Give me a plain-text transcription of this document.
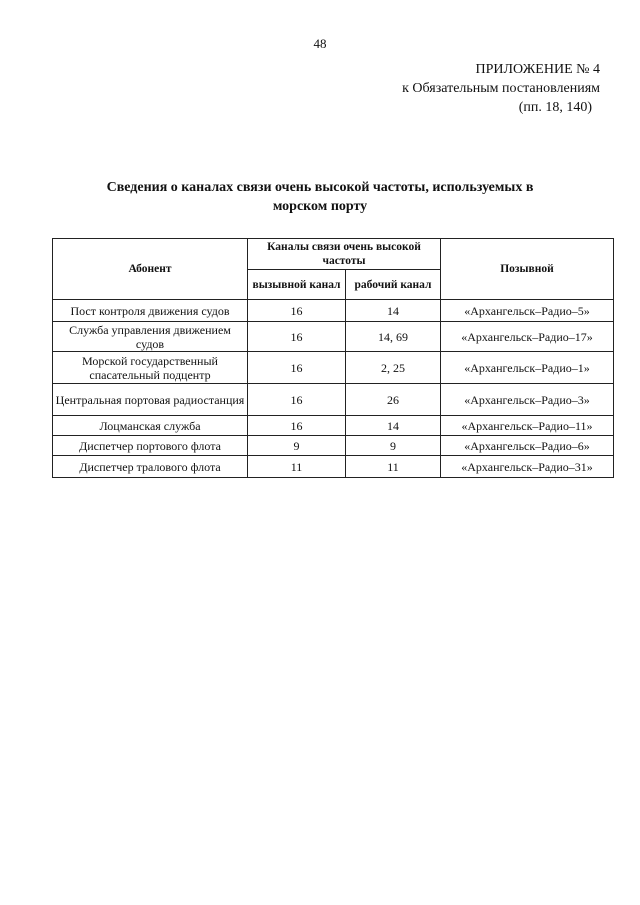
48
ПРИЛОЖЕНИЕ № 4
к Обязательным постановлениям
(пп. 18, 140)
Сведения о каналах связи очень высокой частоты, используемых в морском порту
Абонент	Каналы связи очень высокой частоты		Позывной
	вызывной канал	рабочий канал	
Пост контроля движения судов	16	14	«Архангельск–Радио–5»
Служба управления движением судов	16	14, 69	«Архангельск–Радио–17»
Морской государственный спасательный подцентр	16	2, 25	«Архангельск–Радио–1»
Центральная портовая радиостанция	16	26	«Архангельск–Радио–3»
Лоцманская служба	16	14	«Архангельск–Радио–11»
Диспетчер портового флота	9	9	«Архангельск–Радио–6»
Диспетчер тралового флота	11	11	«Архангельск–Радио–31»
